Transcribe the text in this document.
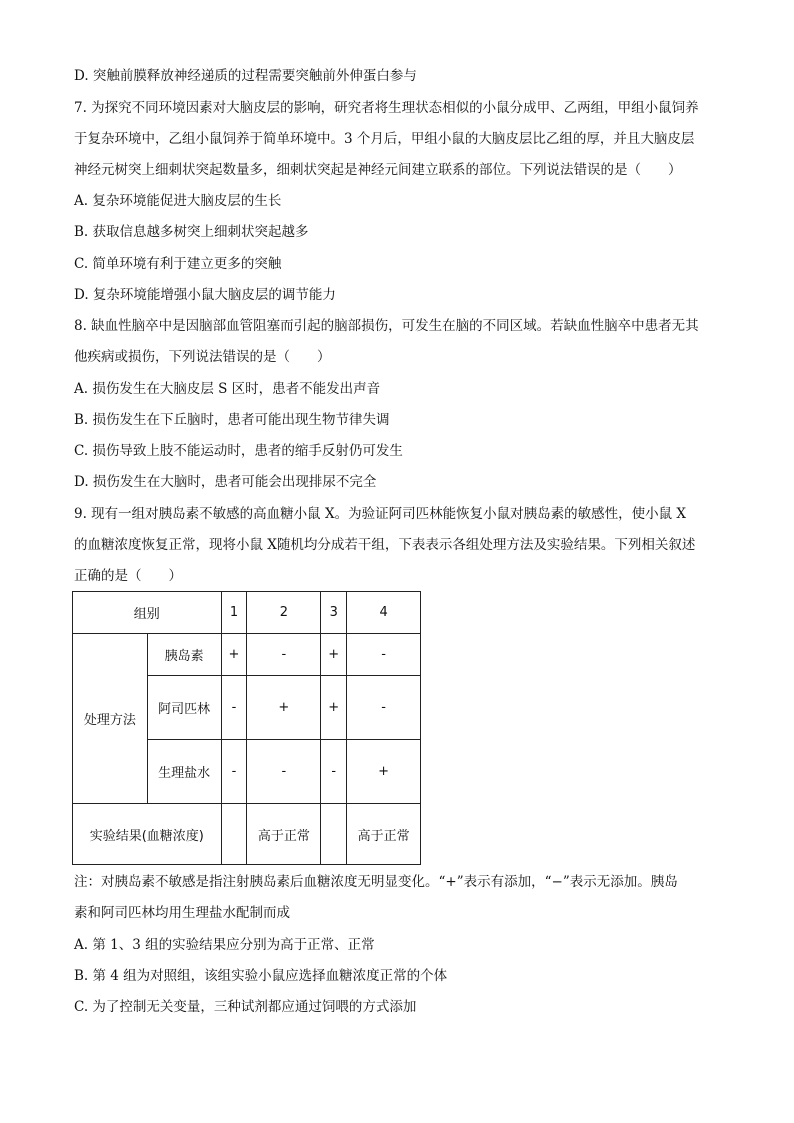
D. 突触前膜释放神经递质的过程需要突触前外伸蛋白参与
7. 为探究不同环境因素对大脑皮层的影响，研究者将生理状态相似的小鼠分成甲、乙两组，甲组小鼠饲养
于复杂环境中，乙组小鼠饲养于简单环境中。3 个月后，甲组小鼠的大脑皮层比乙组的厚，并且大脑皮层
神经元树突上细刺状突起数量多，细刺状突起是神经元间建立联系的部位。下列说法错误的是（　　）
A. 复杂环境能促进大脑皮层的生长
B. 获取信息越多树突上细刺状突起越多
C. 简单环境有利于建立更多的突触
D. 复杂环境能增强小鼠大脑皮层的调节能力
8. 缺血性脑卒中是因脑部血管阻塞而引起的脑部损伤，可发生在脑的不同区域。若缺血性脑卒中患者无其
他疾病或损伤，下列说法错误的是（　　）
A. 损伤发生在大脑皮层 S 区时，患者不能发出声音
B. 损伤发生在下丘脑时，患者可能出现生物节律失调
C. 损伤导致上肢不能运动时，患者的缩手反射仍可发生
D. 损伤发生在大脑时，患者可能会出现排尿不完全
9. 现有一组对胰岛素不敏感的高血糖小鼠 X。为验证阿司匹林能恢复小鼠对胰岛素的敏感性，使小鼠 X
的血糖浓度恢复正常，现将小鼠 X随机均分成若干组，下表表示各组处理方法及实验结果。下列相关叙述
正确的是（　　）
组别		1	2	3	4
处理方法	胰岛素	+	-	+	-
	阿司匹林	-	+	+	-
	生理盐水	-	-	-	+
实验结果(血糖浓度)			高于正常		高于正常
注：对胰岛素不敏感是指注射胰岛素后血糖浓度无明显变化。“+”表示有添加，“−”表示无添加。胰岛
素和阿司匹林均用生理盐水配制而成
A. 第 1、3 组的实验结果应分别为高于正常、正常
B. 第 4 组为对照组，该组实验小鼠应选择血糖浓度正常的个体
C. 为了控制无关变量，三种试剂都应通过饲喂的方式添加
